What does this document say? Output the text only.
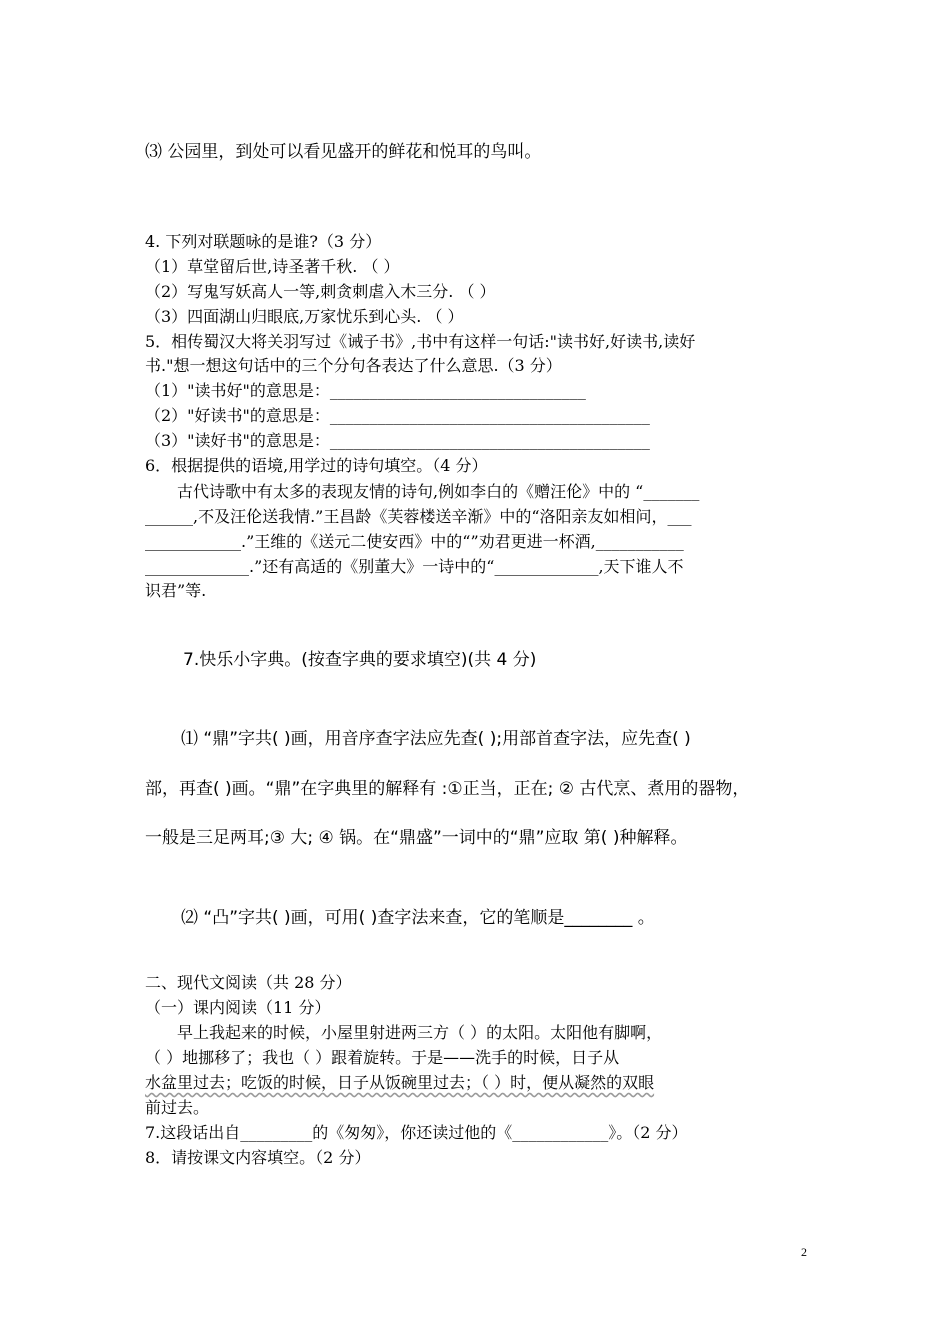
⑶ 公园里，到处可以看见盛开的鲜花和悦耳的鸟叫。
4. 下列对联题咏的是谁?（3 分）
（1）草堂留后世,诗圣著千秋. （ ）
（2）写鬼写妖高人一等,刺贪刺虐入木三分. （ ）
（3）四面湖山归眼底,万家忧乐到心头. （ ）
5．相传蜀汉大将关羽写过《诫子书》,书中有这样一句话:"读书好,好读书,读好
书."想一想这句话中的三个分句各表达了什么意思.（3 分）
（1）"读书好"的意思是：________________________________
（2）"好读书"的意思是：________________________________________
（3）"读好书"的意思是：________________________________________
6．根据提供的语境,用学过的诗句填空。（4 分）
　　古代诗歌中有太多的表现友情的诗句,例如李白的《赠汪伦》中的 “_______
______,不及汪伦送我情.”王昌龄《芙蓉楼送辛渐》中的“洛阳亲友如相问，___
____________.”王维的《送元二使安西》中的“”劝君更进一杯酒,___________
_____________.”还有高适的《别董大》一诗中的“_____________,天下谁人不
识君”等.
7.快乐小字典。(按查字典的要求填空)(共 4 分)
⑴ “鼎”字共( )画，用音序查字法应先查( );用部首查字法，应先查( )
部，再查( )画。“鼎”在字典里的解释有 :①正当，正在; ② 古代烹、煮用的器物，
一般是三足两耳;③ 大; ④ 锅。在“鼎盛”一词中的“鼎”应取 第( )种解释。
⑵ “凸”字共( )画，可用( )查字法来查，它的笔顺是________ 。
二、现代文阅读（共 28 分）
（一）课内阅读（11 分）
　　早上我起来的时候，小屋里射进两三方（ ）的太阳。太阳他有脚啊，
（ ）地挪移了；我也（ ）跟着旋转。于是——洗手的时候，日子从
水盆里过去；吃饭的时候，日子从饭碗里过去；（ ）时，便从凝然的双眼
前过去。
7.这段话出自_________的《匆匆》，你还读过他的《____________》。（2 分）
8．请按课文内容填空。（2 分）
2
